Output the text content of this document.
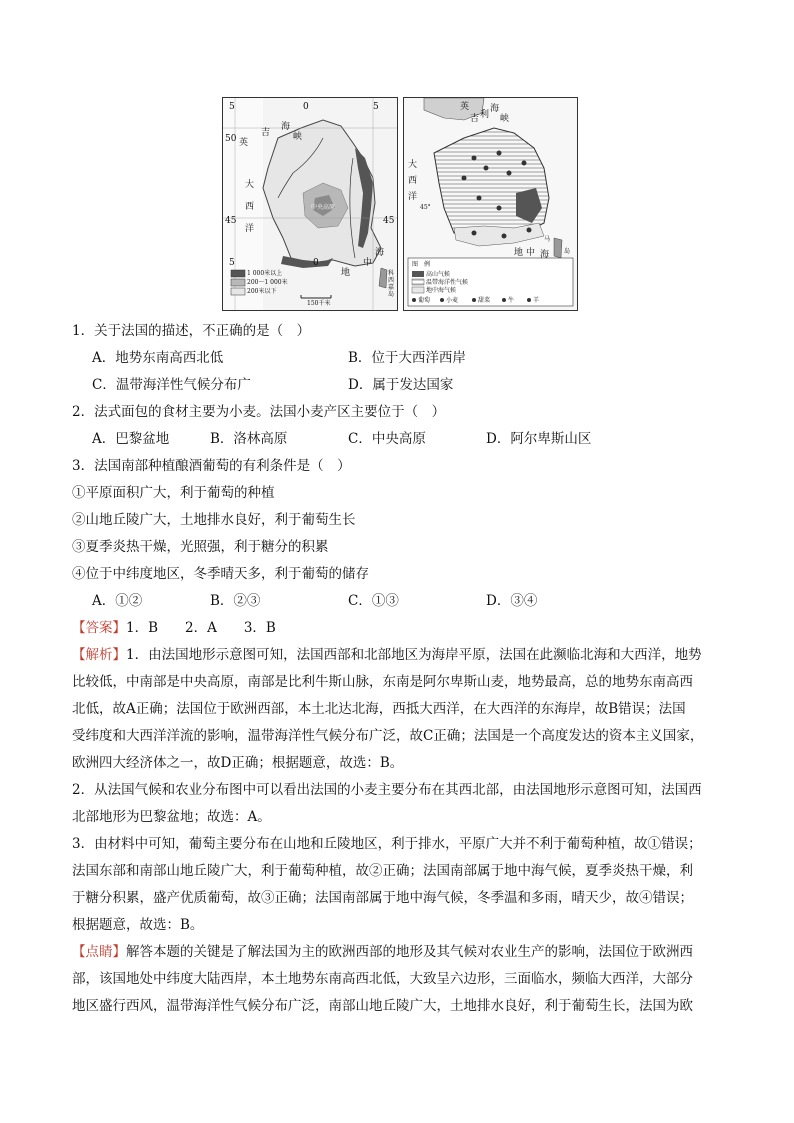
5	0	5
50
45	45
5	0
英
吉
海
峡
大
西
洋
中央高原
地
中
海
科
西
嘉
岛
1 000米以上
200～1 000米
200米以下
150千米
英
吉 利
海
峡
大
西
洋
45°
地 中 海
马
岛
图　例
高山气候
温带海洋性气候
地中海气候
葡萄	小麦	甜菜	牛	羊
1．关于法国的描述，不正确的是（　）
A．地势东南高西北低	B．位于大西洋西岸
C．温带海洋性气候分布广	D．属于发达国家
2．法式面包的食材主要为小麦。法国小麦产区主要位于（　）
A．巴黎盆地	B．洛林高原	C．中央高原	D．阿尔卑斯山区
3．法国南部种植酿酒葡萄的有利条件是（　）
①平原面积广大，利于葡萄的种植
②山地丘陵广大，土地排水良好，利于葡萄生长
③夏季炎热干燥，光照强，利于糖分的积累
④位于中纬度地区，冬季晴天多，利于葡萄的储存
A．①②	B．②③	C．①③	D．③④
【答案】1．B　　2．A　　3．B
【解析】1．由法国地形示意图可知，法国西部和北部地区为海岸平原，法国在此濒临北海和大西洋，地势
比较低，中南部是中央高原，南部是比利牛斯山脉，东南是阿尔卑斯山麦，地势最高，总的地势东南高西
北低，故A正确；法国位于欧洲西部，本土北达北海，西抵大西洋，在大西洋的东海岸，故B错误；法国
受纬度和大西洋洋流的影响，温带海洋性气候分布广泛，故C正确；法国是一个高度发达的资本主义国家，
欧洲四大经济体之一，故D正确；根据题意，故选：B。
2．从法国气候和农业分布图中可以看出法国的小麦主要分布在其西北部，由法国地形示意图可知，法国西
北部地形为巴黎盆地；故选：A。
3．由材料中可知，葡萄主要分布在山地和丘陵地区，利于排水，平原广大并不利于葡萄种植，故①错误；
法国东部和南部山地丘陵广大，利于葡萄种植，故②正确；法国南部属于地中海气候，夏季炎热干燥，利
于糖分积累，盛产优质葡萄，故③正确；法国南部属于地中海气候，冬季温和多雨，晴天少，故④错误；
根据题意，故选：B。
【点睛】解答本题的关键是了解法国为主的欧洲西部的地形及其气候对农业生产的影响，法国位于欧洲西
部，该国地处中纬度大陆西岸，本土地势东南高西北低，大致呈六边形，三面临水，频临大西洋，大部分
地区盛行西风，温带海洋性气候分布广泛，南部山地丘陵广大，土地排水良好，利于葡萄生长，法国为欧
